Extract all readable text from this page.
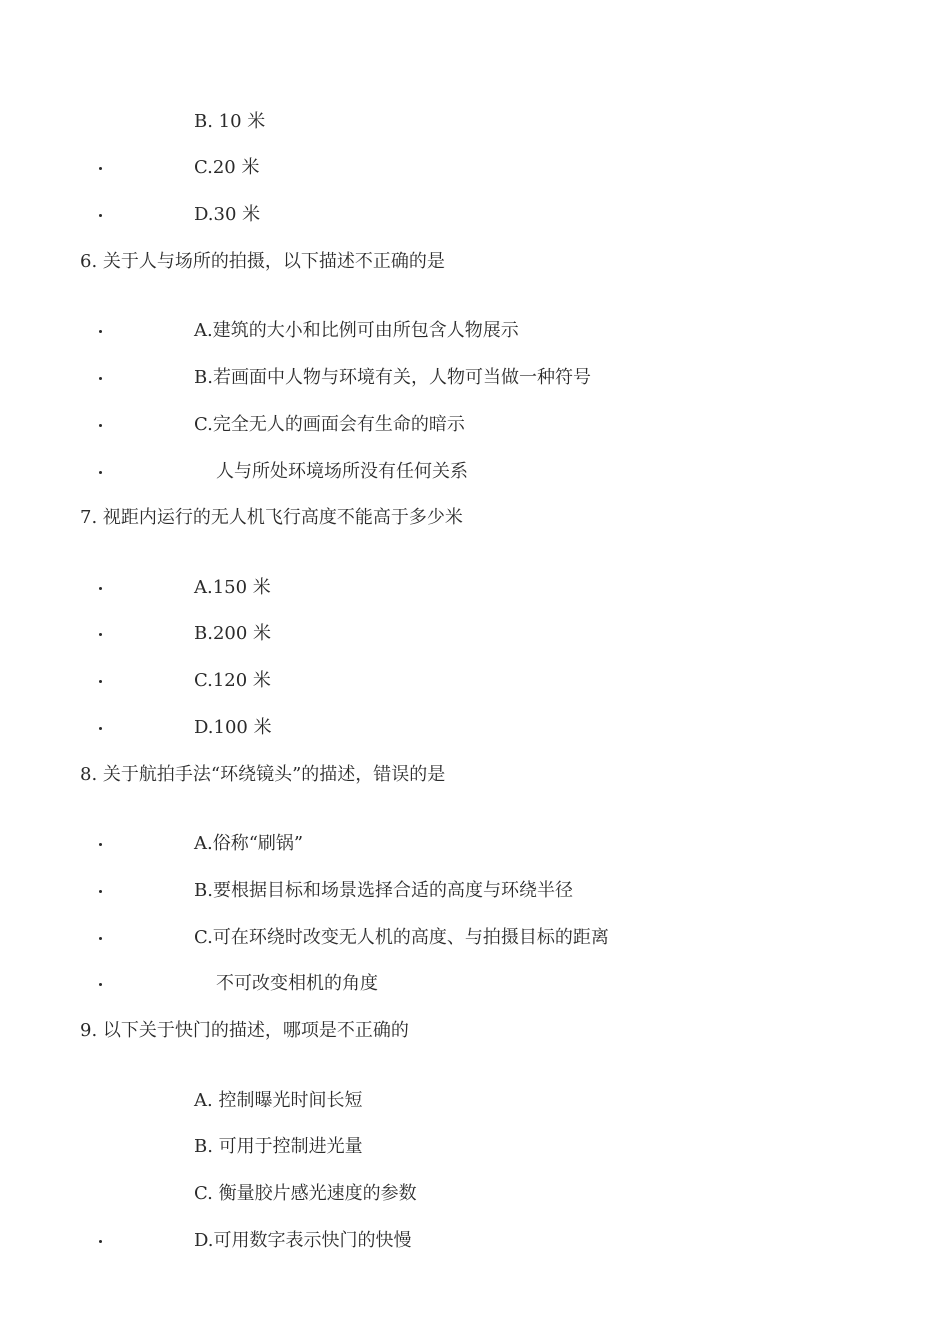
B. 10 米
C.20 米
D.30 米
6. 关于人与场所的拍摄，以下描述不正确的是
A.建筑的大小和比例可由所包含人物展示
B.若画面中人物与环境有关，人物可当做一种符号
C.完全无人的画面会有生命的暗示
人与所处环境场所没有任何关系
7. 视距内运行的无人机飞行高度不能高于多少米
A.150 米
B.200 米
C.120 米
D.100 米
8. 关于航拍手法“环绕镜头”的描述，错误的是
A.俗称“刷锅”
B.要根据目标和场景选择合适的高度与环绕半径
C.可在环绕时改变无人机的高度、与拍摄目标的距离
不可改变相机的角度
9. 以下关于快门的描述，哪项是不正确的
A. 控制曝光时间长短
B. 可用于控制进光量
C. 衡量胶片感光速度的参数
D.可用数字表示快门的快慢
